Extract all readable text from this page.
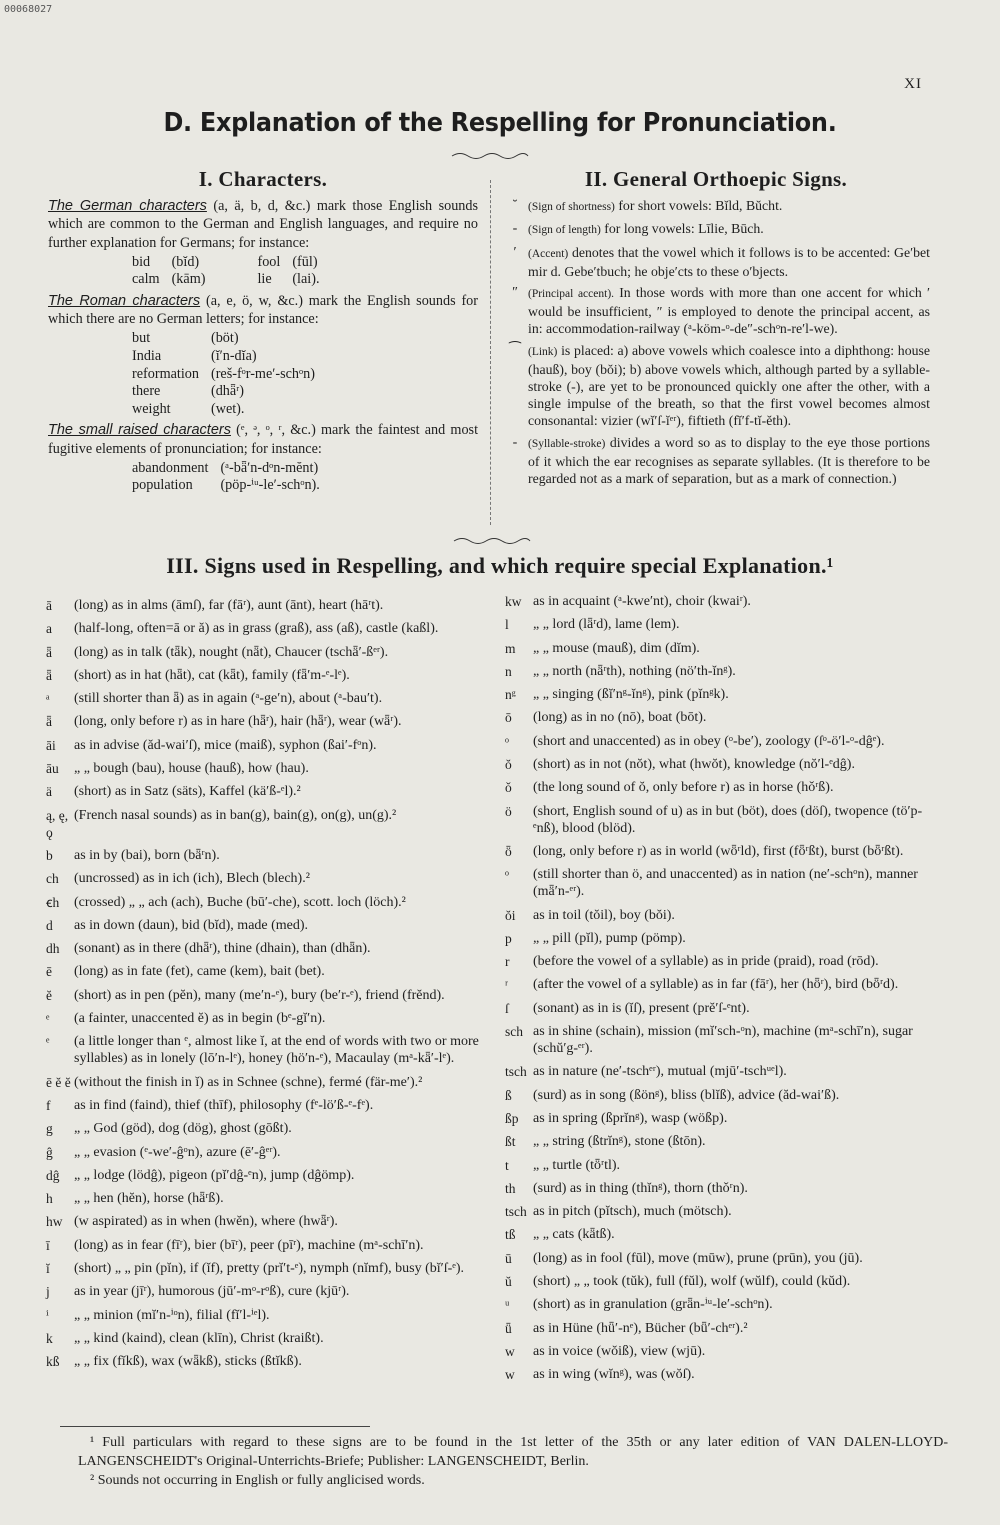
00068027
XI
D. Explanation of the Respelling for Pronunciation.
I. Characters.
The German characters (a, ä, b, d, &c.) mark those English sounds which are common to the German and English languages, and require no further explanation for Germans; for instance:
bid	(bĭd)	fool	(fūl)
calm	(kām)	lie	(lai).
The Roman characters (a, e, ö, w, &c.) mark the English sounds for which there are no German letters; for instance:
but	(böt)
India	(ĭ′n-dĭa)
reformation	(reš-fᵒr-me′-schᵒn)
there	(dhǟʳ)
weight	(wet).
The small raised characters (ᵉ, ᵊ, ᵒ, ʳ, &c.) mark the faintest and most fugitive elements of pronunciation; for instance:
abandonment	(ᵃ-bǟ′n-dᵒn-mĕnt)
population	(pöp-ⁱᵘ-le′-schᵒn).
II. General Orthoepic Signs.
˘ (Sign of shortness) for short vowels: Bĭld, Bŭcht.
- (Sign of length) for long vowels: Līlie, Būch.
′ (Accent) denotes that the vowel which it follows is to be accented: Ge′bet mir d. Gebe′tbuch; he obje′cts to these o′bjects.
″ (Principal accent). In those words with more than one accent for which ′ would be insufficient, ″ is employed to denote the principal accent, as in: accommodation-railway (ᵃ-köm-ᵒ-de″-schᵒn-re′l-we).
⁀ (Link) is placed: a) above vowels which coalesce into a diphthong: house (hauß), boy (bŏi); b) above vowels which, although parted by a syllable-stroke (-), are yet to be pronounced quickly one after the other, with a single impulse of the breath, so that the first vowel becomes almost consonantal: vizier (wĭ′ſ-ĭᵉʳ), fiftieth (fĭ′f-tĭ-ĕth).
- (Syllable-stroke) divides a word so as to display to the eye those portions of it which the ear recognises as separate syllables. (It is therefore to be regarded not as a mark of separation, but as a mark of connection.)
III. Signs used in Respelling, and which require special Explanation.¹
ā	(long) as in alms (āmſ), far (fāʳ), aunt (ānt), heart (hāʳt).
a	(half-long, often=ā or ă) as in grass (graß), ass (aß), castle (kaßl).
ǟ	(long) as in talk (tǟk), nought (nǟt), Chaucer (tschǟ′-ßᵉʳ).
ǟ	(short) as in hat (hǟt), cat (kǟt), family (fǟ′m-ᵉ-lᵉ).
ᵃ	(still shorter than ǟ) as in again (ᵃ-ge′n), about (ᵃ-bau′t).
ǟ	(long, only before r) as in hare (hǟʳ), hair (hǟʳ), wear (wǟʳ).
āi	as in advise (ăd-wai′ſ), mice (maiß), syphon (ßai′-fᵒn).
āu	„ „ bough (bau), house (hauß), how (hau).
ä	(short) as in Satz (säts), Kaffel (kä′ß-ᵉl).²
ą, ę, ǫ
(French nasal sounds) as in ban(g), bain(g), on(g), un(g).²
b	as in by (bai), born (bǟʳn).
ch	(uncrossed) as in ich (ich), Blech (blech).²
ꞓh	(crossed) „ „ ach (ach), Buche (bū′-che), scott. loch (löch).²
d	as in down (daun), bid (bĭd), made (med).
dh	(sonant) as in there (dhǟʳ), thine (dhain), than (dhǟn).
ē	(long) as in fate (fet), came (kem), bait (bet).
ĕ	(short) as in pen (pĕn), many (me′n-ᵉ), bury (be′r-ᵉ), friend (frĕnd).
ᵉ	(a fainter, unaccented ĕ) as in begin (bᵉ-gĭ′n).
ᵉ	(a little longer than ᵉ, almost like ĭ, at the end of words with two or more syllables) as in lonely (lō′n-lᵉ), honey (hö′n-ᵉ), Macaulay (mᵃ-kǟ′-lᵉ).
ē ĕ ĕ (without the finish in ĭ) as in Schnee (schne), fermé (fär-me′).²
f	as in find (faind), thief (thīf), philosophy (fᵉ-lö′ß-ᵉ-fᵉ).
g	„ „ God (göd), dog (dög), ghost (gōßt).
ĝ	„ „ evasion (ᵉ-we′-ĝᵒn), azure (ē′-ĝᵉʳ).
dĝ	„ „ lodge (lödĝ), pigeon (pĭ′dĝ-ᵉn), jump (dĝömp).
h	„ „ hen (hĕn), horse (hǟʳß).
hw (w aspirated) as in when (hwĕn), where (hwǟʳ).
ī	(long) as in fear (fīʳ), bier (bīʳ), peer (pīʳ), machine (mᵃ-schī′n).
ĭ	(short) „ „ pin (pĭn), if (ĭf), pretty (prĭ′t-ᵉ), nymph (nĭmf), busy (bĭ′ſ-ᵉ).
j	as in year (jīʳ), humorous (jū′-mᵒ-rᵒß), cure (kjūʳ).
ⁱ	„ „ minion (mĭ′n-ⁱᵒn), filial (fĭ′l-ⁱᵉl).
k	„ „ kind (kaind), clean (klīn), Christ (kraißt).
kß	„ „ fix (fĭkß), wax (wǟkß), sticks (ßtĭkß).
kw as in acquaint (ᵃ-kwe′nt), choir (kwaiʳ).
l	„ „ lord (lǟʳd), lame (lem).
m	„ „ mouse (mauß), dim (dĭm).
n	„ „ north (nǟʳth), nothing (nö′th-ĭnᵍ).
nᵍ	„ „ singing (ßĭ′nᵍ-ĭnᵍ), pink (pĭnᵍk).
ō	(long) as in no (nō), boat (bōt).
ᵒ	(short and unaccented) as in obey (ᵒ-be′), zoology (ſᵒ-ö′l-ᵒ-dĝᵉ).
ŏ	(short) as in not (nŏt), what (hwŏt), knowledge (nŏ′l-ᵉdĝ).
ǒ	(the long sound of ŏ, only before r) as in horse (hǒʳß).
ö	(short, English sound of u) as in but (böt), does (döſ), twopence (tö′p-ᵉnß), blood (blöd).
ȫ	(long, only before r) as in world (wȫʳld), first (fȫʳßt), burst (bȫʳßt).
ᵒ	(still shorter than ö, and unaccented) as in nation (ne′-schᵒn), manner (mǟ′n-ᵉʳ).
ŏi	as in toil (tŏil), boy (bŏi).
p	„ „ pill (pĭl), pump (pömp).
r	(before the vowel of a syllable) as in pride (praid), road (rōd).
ʳ	(after the vowel of a syllable) as in far (fāʳ), her (hȫʳ), bird (bȫʳd).
ſ	(sonant) as in is (ĭſ), present (prĕ′ſ-ᵉnt).
sch as in shine (schain), mission (mĭ′sch-ᵒn), machine (mᵃ-schī′n), sugar (schŭ′g-ᵉʳ).
tsch as in nature (ne′-tschᵉʳ), mutual (mjū′-tschᵘᵉl).
ß	(surd) as in song (ßönᵍ), bliss (blĭß), advice (ăd-wai′ß).
ßp	as in spring (ßprĭnᵍ), wasp (wößp).
ßt	„ „ string (ßtrĭnᵍ), stone (ßtōn).
t	„ „ turtle (tȫʳtl).
th	(surd) as in thing (thĭnᵍ), thorn (thǒʳn).
tsch as in pitch (pĭtsch), much (mötsch).
tß	„ „ cats (kǟtß).
ū	(long) as in fool (fūl), move (mūw), prune (prūn), you (jū).
ŭ	(short) „ „ took (tŭk), full (fŭl), wolf (wŭlf), could (kŭd).
ᵘ	(short) as in granulation (grǟn-ⁱᵘ-le′-schᵒn).
ǖ	as in Hüne (hǖ′-nᵉ), Bücher (bǖ′-chᵉʳ).²
w	as in voice (wŏiß), view (wjū).
w	as in wing (wĭnᵍ), was (wŏſ).
¹ Full particulars with regard to these signs are to be found in the 1st letter of the 35th or any later edition of VAN DALEN-LLOYD-LANGENSCHEIDT's Original-Unterrichts-Briefe; Publisher: LANGENSCHEIDT, Berlin.
² Sounds not occurring in English or fully anglicised words.
